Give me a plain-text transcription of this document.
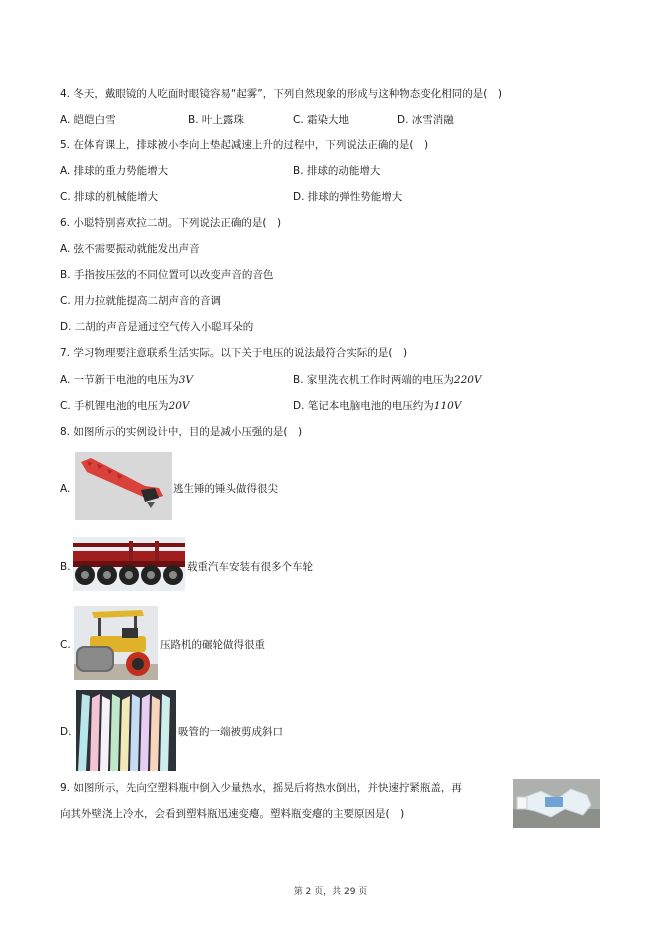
4. 冬天，戴眼镜的人吃面时眼镜容易“起雾”，下列自然现象的形成与这种物态变化相同的是(　)
A. 皑皑白雪	B. 叶上露珠	C. 霜染大地	D. 冰雪消融
5. 在体育课上，排球被小李向上垫起减速上升的过程中，下列说法正确的是(　)
A. 排球的重力势能增大	B. 排球的动能增大
C. 排球的机械能增大	D. 排球的弹性势能增大
6. 小聪特别喜欢拉二胡。下列说法正确的是(　)
A. 弦不需要振动就能发出声音
B. 手指按压弦的不同位置可以改变声音的音色
C. 用力拉就能提高二胡声音的音调
D. 二胡的声音是通过空气传入小聪耳朵的
7. 学习物理要注意联系生活实际。以下关于电压的说法最符合实际的是(　)
A. 一节新干电池的电压为3V	B. 家里洗衣机工作时两端的电压为220V
C. 手机锂电池的电压为20V	D. 笔记本电脑电池的电压约为110V
8. 如图所示的实例设计中，目的是减小压强的是(　)
A.	逃生锤的锤头做得很尖
B.	载重汽车安装有很多个车轮
C.	压路机的碾轮做得很重
D.	吸管的一端被剪成斜口
9. 如图所示，先向空塑料瓶中倒入少量热水，摇晃后将热水倒出，并快速拧紧瓶盖，再
向其外壁浇上冷水，会看到塑料瓶迅速变瘪。塑料瓶变瘪的主要原因是(　)
第 2 页，共 29 页
